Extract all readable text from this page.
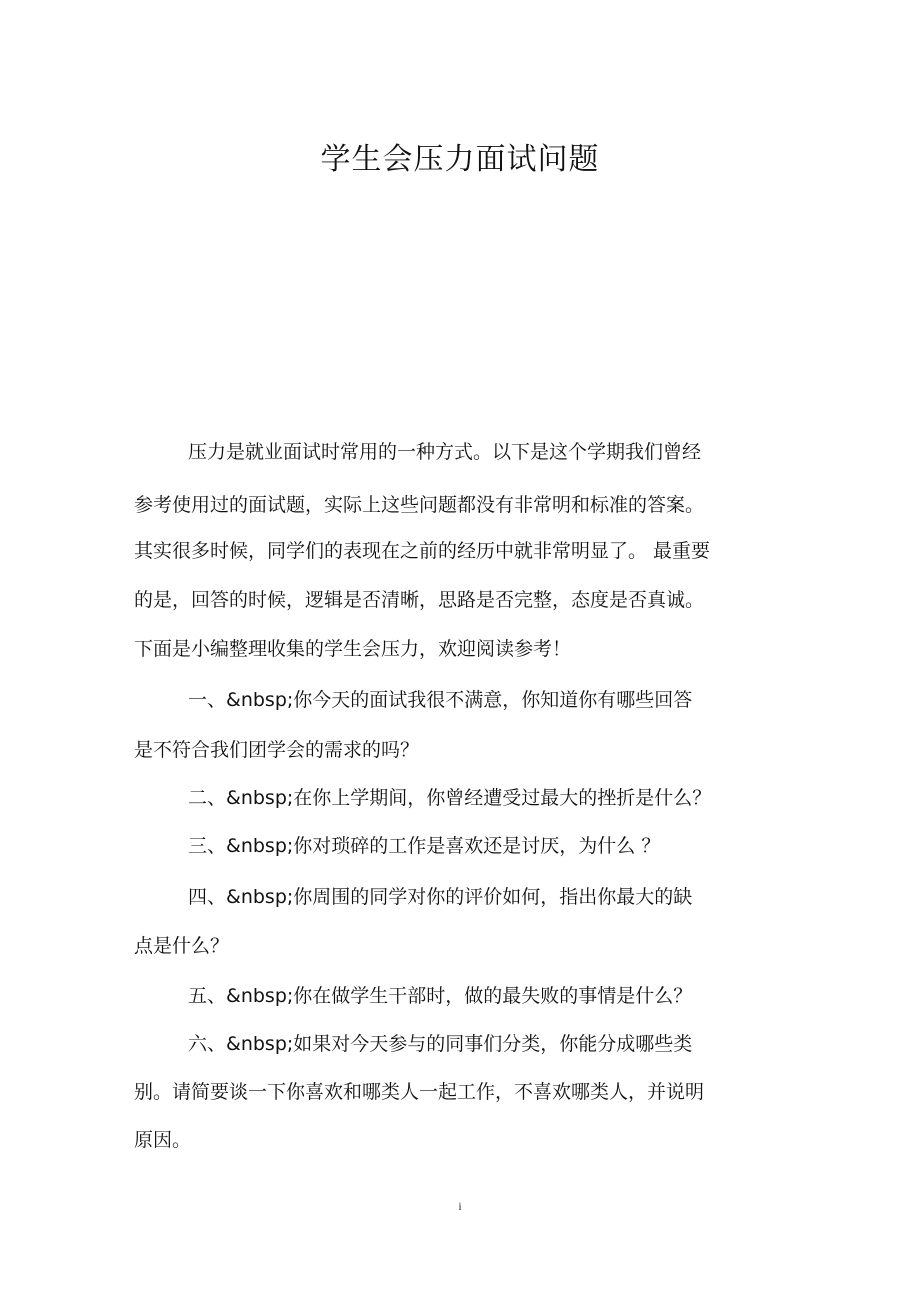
学生会压力面试问题
压力是就业面试时常用的一种方式。以下是这个学期我们曾经
参考使用过的面试题，实际上这些问题都没有非常明和标准的答案。
其实很多时候，同学们的表现在之前的经历中就非常明显了。 最重要
的是，回答的时候，逻辑是否清晰，思路是否完整，态度是否真诚。
下面是小编整理收集的学生会压力，欢迎阅读参考！
一、&nbsp;你今天的面试我很不满意，你知道你有哪些回答
是不符合我们团学会的需求的吗？
二、&nbsp;在你上学期间，你曾经遭受过最大的挫折是什么？
三、&nbsp;你对琐碎的工作是喜欢还是讨厌，为什么 ？
四、&nbsp;你周围的同学对你的评价如何，指出你最大的缺
点是什么？
五、&nbsp;你在做学生干部时，做的最失败的事情是什么？
六、&nbsp;如果对今天参与的同事们分类，你能分成哪些类
别。请简要谈一下你喜欢和哪类人一起工作，不喜欢哪类人，并说明
原因。
i
